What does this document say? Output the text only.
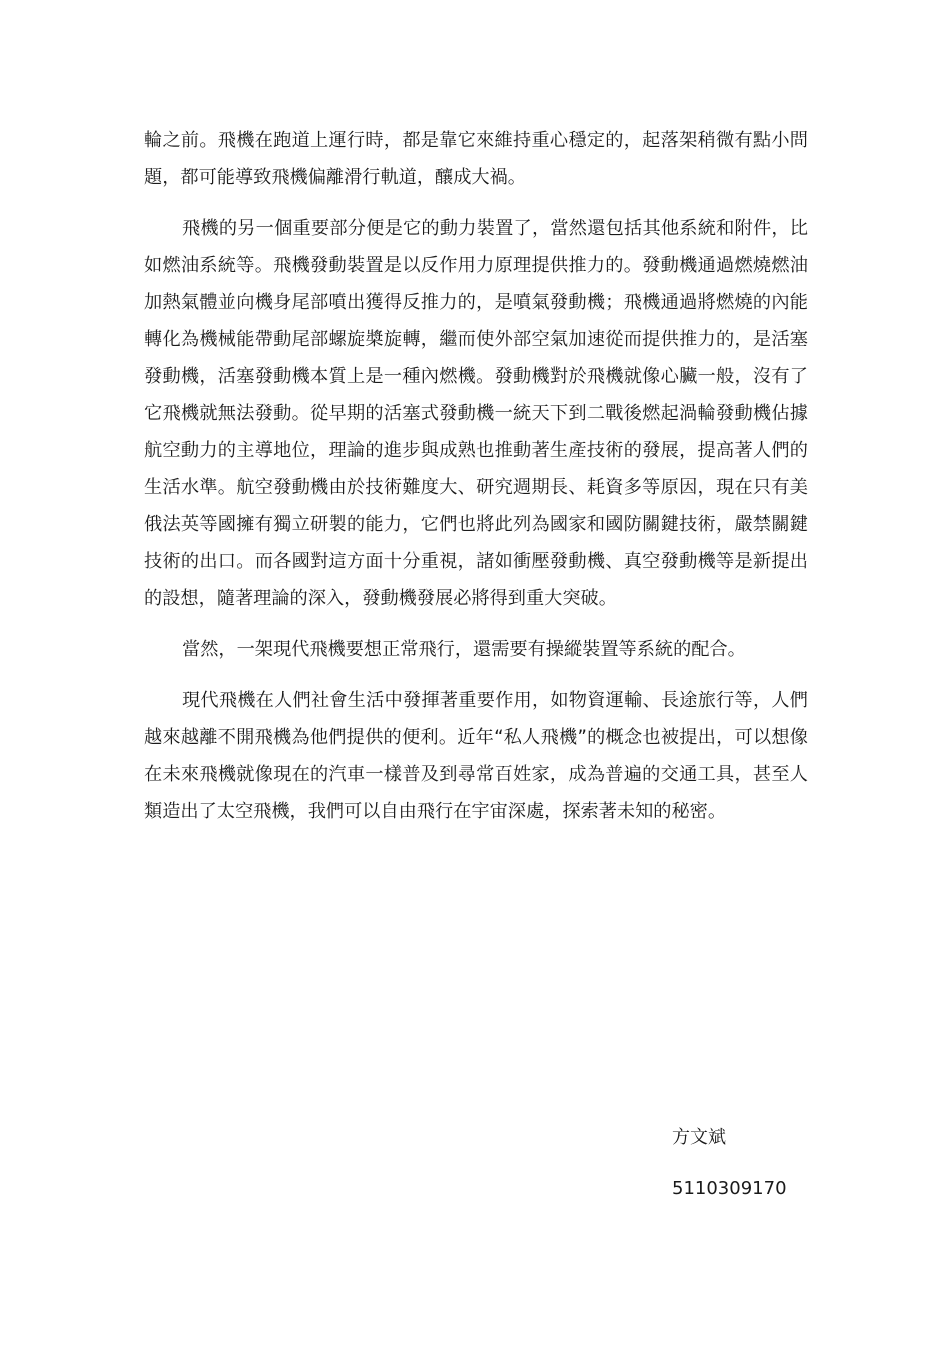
輪之前。飛機在跑道上運行時，都是靠它來維持重心穩定的，起落架稍微有點小問題，都可能導致飛機偏離滑行軌道，釀成大禍。

飛機的另一個重要部分便是它的動力裝置了，當然還包括其他系統和附件，比如燃油系統等。飛機發動裝置是以反作用力原理提供推力的。發動機通過燃燒燃油加熱氣體並向機身尾部噴出獲得反推力的，是噴氣發動機；飛機通過將燃燒的內能轉化為機械能帶動尾部螺旋槳旋轉，繼而使外部空氣加速從而提供推力的，是活塞發動機，活塞發動機本質上是一種內燃機。發動機對於飛機就像心臟一般，沒有了它飛機就無法發動。從早期的活塞式發動機一統天下到二戰後燃起渦輪發動機佔據航空動力的主導地位，理論的進步與成熟也推動著生產技術的發展，提高著人們的生活水準。航空發動機由於技術難度大、研究週期長、耗資多等原因，現在只有美俄法英等國擁有獨立研製的能力，它們也將此列為國家和國防關鍵技術，嚴禁關鍵技術的出口。而各國對這方面十分重視，諸如衝壓發動機、真空發動機等是新提出的設想，隨著理論的深入，發動機發展必將得到重大突破。

當然，一架現代飛機要想正常飛行，還需要有操縱裝置等系統的配合。

現代飛機在人們社會生活中發揮著重要作用，如物資運輸、長途旅行等，人們越來越離不開飛機為他們提供的便利。近年“私人飛機”的概念也被提出，可以想像在未來飛機就像現在的汽車一樣普及到尋常百姓家，成為普遍的交通工具，甚至人類造出了太空飛機，我們可以自由飛行在宇宙深處，探索著未知的秘密。

方文斌
5110309170
